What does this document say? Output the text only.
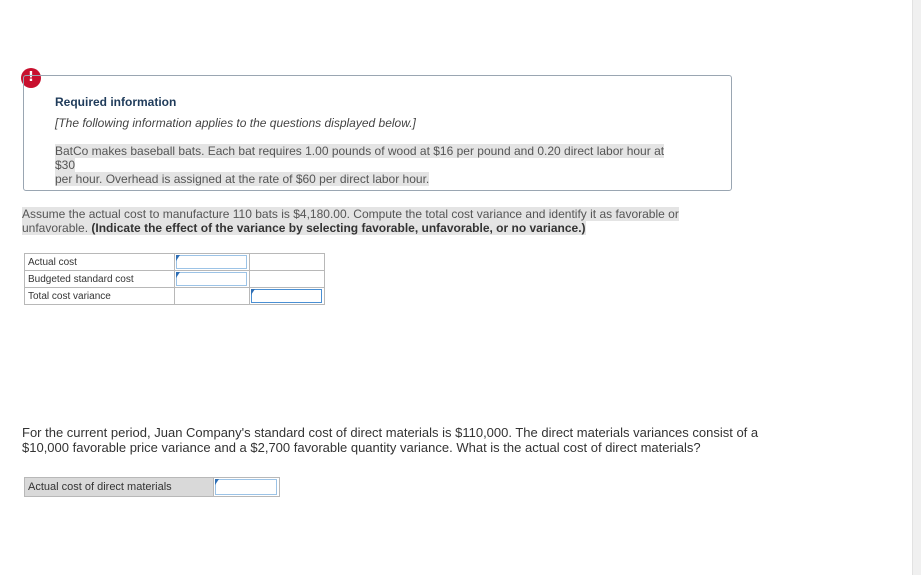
!
Required information
[The following information applies to the questions displayed below.]
BatCo makes baseball bats. Each bat requires 1.00 pounds of wood at $16 per pound and 0.20 direct labor hour at $30
per hour. Overhead is assigned at the rate of $60 per direct labor hour.
Assume the actual cost to manufacture 110 bats is $4,180.00. Compute the total cost variance and identify it as favorable or
unfavorable. (Indicate the effect of the variance by selecting favorable, unfavorable, or no variance.)
Actual cost	

Budgeted standard cost	

Total cost variance		
For the current period, Juan Company's standard cost of direct materials is $110,000. The direct materials variances consist of a
$10,000 favorable price variance and a $2,700 favorable quantity variance. What is the actual cost of direct materials?
Actual cost of direct materials
